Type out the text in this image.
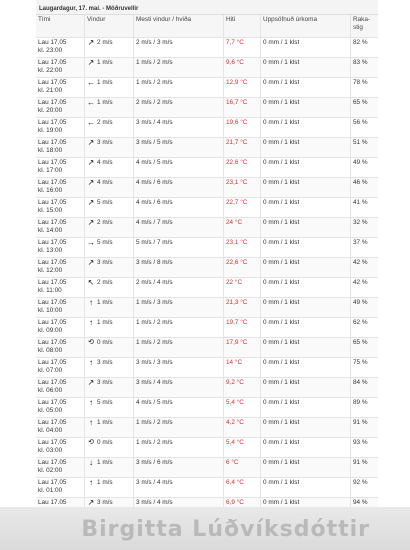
Laugardagur, 17. maí. - Möðruvellir
Tími	Vindur	Mesti vindur / hviða	Hiti	Uppsöfnuð úrkoma	Raka-stig
Lau 17.05
kl. 23:00
↗ 2 m/s	2 m/s / 3 m/s	7,7 °C	0 mm / 1 klst	82 %
Lau 17.05
kl. 22:00
↗ 1 m/s	1 m/s / 2 m/s	9,6 °C	0 mm / 1 klst	83 %
Lau 17.05
kl. 21:00
← 1 m/s	1 m/s / 2 m/s	12,9 °C	0 mm / 1 klst	78 %
Lau 17.05
kl. 20:00
← 1 m/s	2 m/s / 2 m/s	16,7 °C	0 mm / 1 klst	65 %
Lau 17.05
kl. 19:00
← 2 m/s	3 m/s / 4 m/s	19,6 °C	0 mm / 1 klst	56 %
Lau 17.05
kl. 18:00
↗ 3 m/s	3 m/s / 5 m/s	21,7 °C	0 mm / 1 klst	51 %
Lau 17.05
kl. 17:00
↗ 4 m/s	4 m/s / 5 m/s	22,6 °C	0 mm / 1 klst	49 %
Lau 17.05
kl. 16:00
↗ 4 m/s	4 m/s / 6 m/s	23,1 °C	0 mm / 1 klst	46 %
Lau 17.05
kl. 15:00
↗ 5 m/s	4 m/s / 6 m/s	22,7 °C	0 mm / 1 klst	41 %
Lau 17.05
kl. 14:00
↗ 2 m/s	4 m/s / 7 m/s	24 °C	0 mm / 1 klst	32 %
Lau 17.05
kl. 13:00
→ 5 m/s	5 m/s / 7 m/s	23,1 °C	0 mm / 1 klst	37 %
Lau 17.05
kl. 12:00
↗ 3 m/s	3 m/s / 8 m/s	22,6 °C	0 mm / 1 klst	42 %
Lau 17.05
kl. 11:00
↖ 2 m/s	2 m/s / 4 m/s	22 °C	0 mm / 1 klst	42 %
Lau 17.05
kl. 10:00
↑ 1 m/s	1 m/s / 3 m/s	21,3 °C	0 mm / 1 klst	49 %
Lau 17.05
kl. 09:00
↑ 1 m/s	1 m/s / 2 m/s	19,7 °C	0 mm / 1 klst	62 %
Lau 17.05
kl. 08:00
⟲ 0 m/s	1 m/s / 2 m/s	17,9 °C	0 mm / 1 klst	65 %
Lau 17.05
kl. 07:00
↑ 3 m/s	3 m/s / 3 m/s	14 °C	0 mm / 1 klst	75 %
Lau 17.05
kl. 06:00
↗ 3 m/s	3 m/s / 4 m/s	9,2 °C	0 mm / 1 klst	84 %
Lau 17.05
kl. 05:00
↑ 5 m/s	4 m/s / 5 m/s	5,4 °C	0 mm / 1 klst	89 %
Lau 17.05
kl. 04:00
↑ 1 m/s	1 m/s / 2 m/s	4,2 °C	0 mm / 1 klst	91 %
Lau 17.05
kl. 03:00
⟲ 0 m/s	1 m/s / 2 m/s	5,4 °C	0 mm / 1 klst	93 %
Lau 17.05
kl. 02:00
↓ 1 m/s	3 m/s / 6 m/s	6 °C	0 mm / 1 klst	91 %
Lau 17.05
kl. 01:00
↑ 1 m/s	3 m/s / 4 m/s	6,4 °C	0 mm / 1 klst	92 %
Lau 17.05	↗ 3 m/s	3 m/s / 4 m/s	6,9 °C	0 mm / 1 klst	94 %
Birgitta Lúðvíksdóttir
